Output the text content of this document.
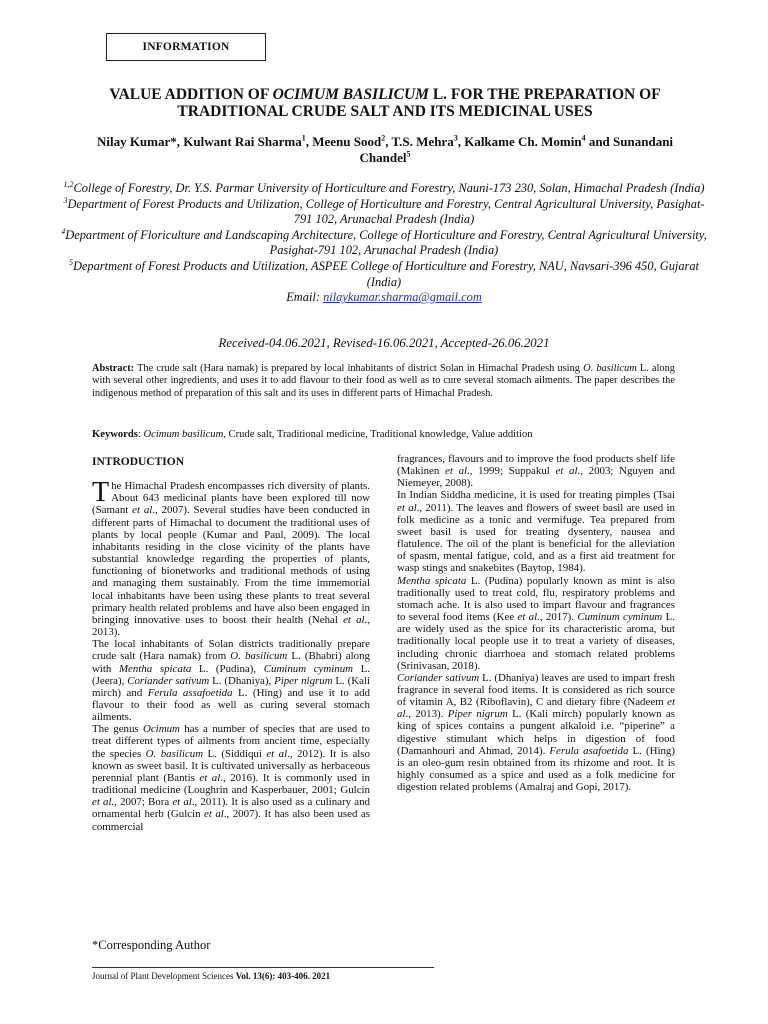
INFORMATION
VALUE ADDITION OF OCIMUM BASILICUM L. FOR THE PREPARATION OF TRADITIONAL CRUDE SALT AND ITS MEDICINAL USES
Nilay Kumar*, Kulwant Rai Sharma$^1$, Meenu Sood$^2$, T.S. Mehra$^3$, Kalkame Ch. Momin$^4$ and Sunandani Chandel$^5$
$^{1,2}$College of Forestry, Dr. Y.S. Parmar University of Horticulture and Forestry, Nauni-173 230, Solan, Himachal Pradesh (India)
$^3$Department of Forest Products and Utilization, College of Horticulture and Forestry, Central Agricultural University, Pasighat-791 102, Arunachal Pradesh (India)
$^4$Department of Floriculture and Landscaping Architecture, College of Horticulture and Forestry, Central Agricultural University, Pasighat-791 102, Arunachal Pradesh (India)
$^5$Department of Forest Products and Utilization, ASPEE College of Horticulture and Forestry, NAU, Navsari-396 450, Gujarat (India)
Email: nilaykumar.sharma@gmail.com
Received-04.06.2021, Revised-16.06.2021, Accepted-26.06.2021

Abstract: The crude salt (Hara namak) is prepared by local inhabitants of district Solan in Himachal Pradesh using O. basilicum L. along with several other ingredients, and uses it to add flavour to their food as well as to cure several stomach ailments. The paper describes the indigenous method of preparation of this salt and its uses in different parts of Himachal Pradesh.

Keywords: Ocimum basilicum, Crude salt, Traditional medicine, Traditional knowledge, Value addition

INTRODUCTION

The Himachal Pradesh encompasses rich diversity of plants. About 643 medicinal plants have been explored till now (Samant et al., 2007). Several studies have been conducted in different parts of Himachal to document the traditional uses of plants by local people (Kumar and Paul, 2009). The local inhabitants residing in the close vicinity of the plants have substantial knowledge regarding the properties of plants, functioning of bionetworks and traditional methods of using and managing them sustainably. From the time immemorial local inhabitants have been using these plants to treat several primary health related problems and have also been engaged in bringing innovative uses to boost their health (Nehal et al., 2013).

The local inhabitants of Solan districts traditionally prepare crude salt (Hara namak) from O. basilicum L. (Bhabri) along with Mentha spicata L. (Pudina), Cuminum cyminum L. (Jeera), Coriander sativum L. (Dhaniya), Piper nigrum L. (Kali mirch) and Ferula assafoetida L. (Hing) and use it to add flavour to their food as well as curing several stomach ailments.

The genus Ocimum has a number of species that are used to treat different types of ailments from ancient time, especially the species O. basilicum L. (Siddiqui et al., 2012). It is also known as sweet basil. It is cultivated universally as herbaceous perennial plant (Bantis et al., 2016). It is commonly used in traditional medicine (Loughrin and Kasperbauer, 2001; Gulcin et al., 2007; Bora et al., 2011). It is also used as a culinary and ornamental herb (Gulcin et al., 2007). It has also been used as commercial

fragrances, flavours and to improve the food products shelf life (Makinen et al., 1999; Suppakul et al., 2003; Nguyen and Niemeyer, 2008).

In Indian Siddha medicine, it is used for treating pimples (Tsai et al., 2011). The leaves and flowers of sweet basil are used in folk medicine as a tonic and vermifuge. Tea prepared from sweet basil is used for treating dysentery, nausea and flatulence. The oil of the plant is beneficial for the alleviation of spasm, mental fatigue, cold, and as a first aid treatment for wasp stings and snakebites (Baytop, 1984).

Mentha spicata L. (Pudina) popularly known as mint is also traditionally used to treat cold, flu, respiratory problems and stomach ache. It is also used to impart flavour and fragrances to several food items (Kee et al., 2017). Cuminum cyminum L. are widely used as the spice for its characteristic aroma, but traditionally local people use it to treat a variety of diseases, including chronic diarrhoea and stomach related problems (Srinivasan, 2018).

Coriander sativum L. (Dhaniya) leaves are used to impart fresh fragrance in several food items. It is considered as rich source of vitamin A, B2 (Riboflavin), C and dietary fibre (Nadeem et al., 2013). Piper nigrum L. (Kali mirch) popularly known as king of spices contains a pungent alkaloid i.e. “piperine” a digestive stimulant which helps in digestion of food (Damanhouri and Ahmad, 2014). Ferula asafoetida L. (Hing) is an oleo-gum resin obtained from its rhizome and root. It is highly consumed as a spice and used as a folk medicine for digestion related problems (Amalraj and Gopi, 2017).

*Corresponding Author
Journal of Plant Development Sciences Vol. 13(6): 403-406. 2021
